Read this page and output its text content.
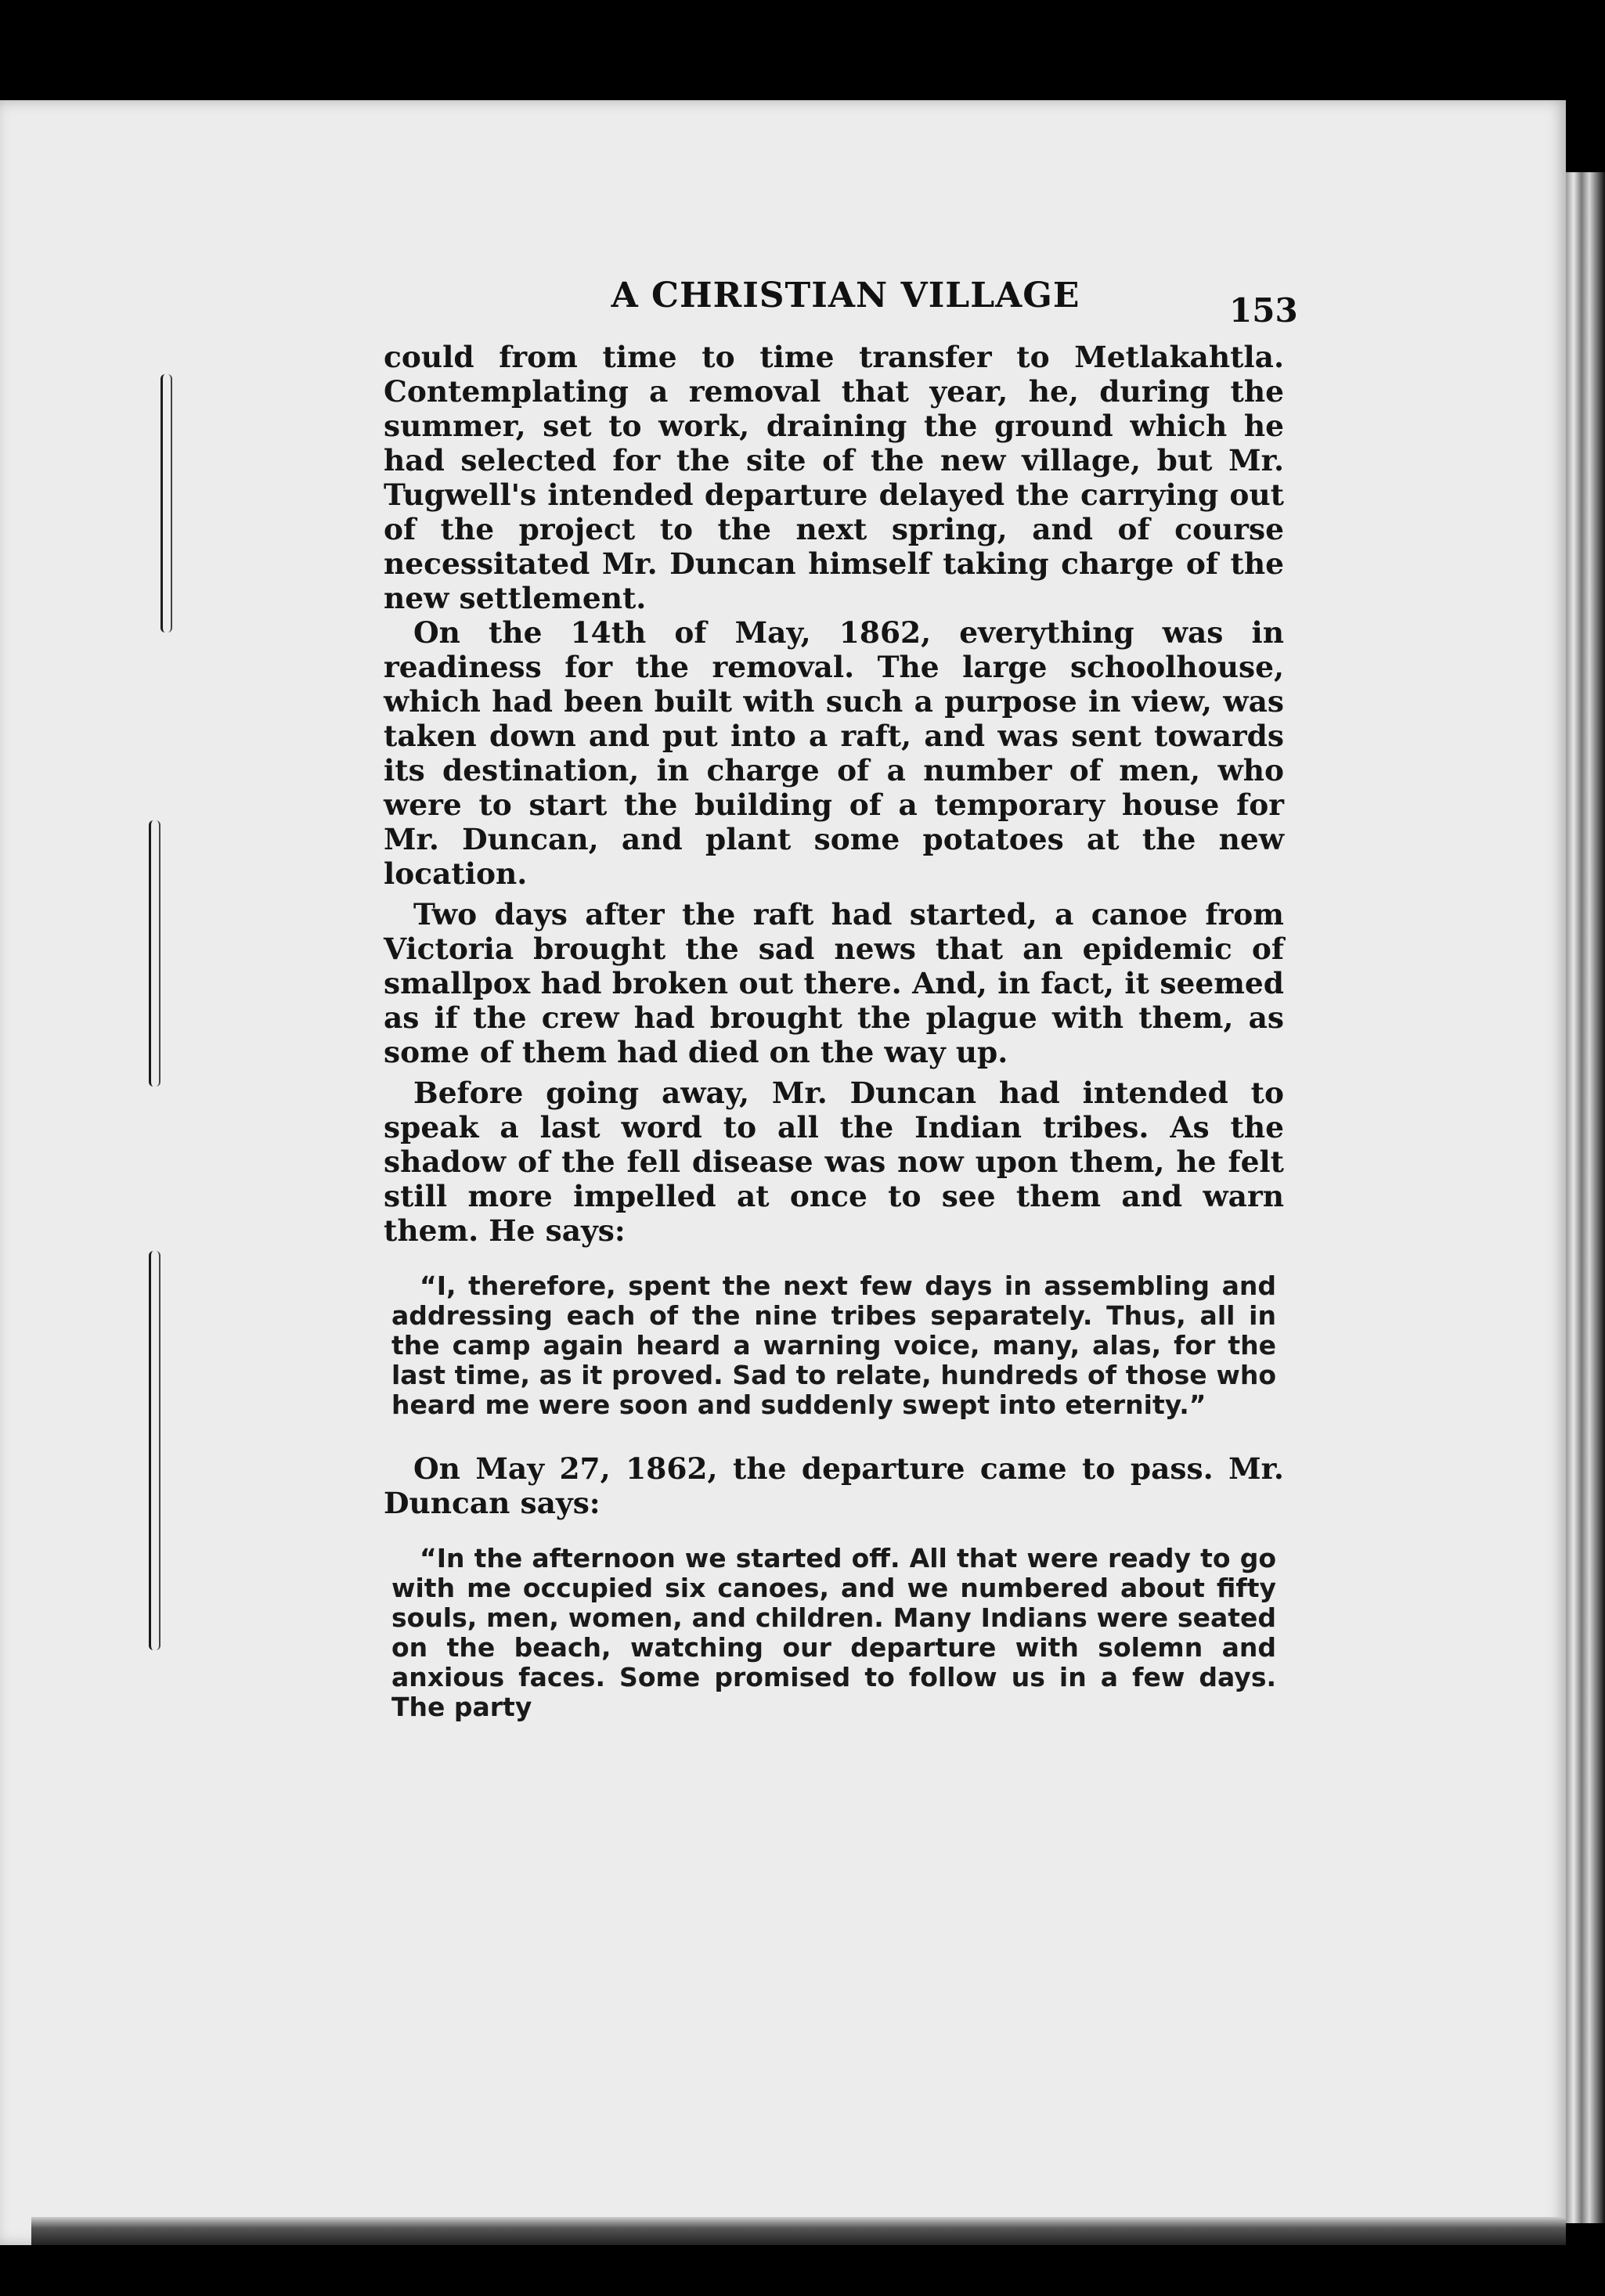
A CHRISTIAN VILLAGE	153

could from time to time transfer to Metlakahtla. Contemplating a removal that year, he, during the summer, set to work, draining the ground which he had selected for the site of the new village, but Mr. Tugwell's intended departure delayed the carrying out of the project to the next spring, and of course necessitated Mr. Duncan himself taking charge of the new settlement.

On the 14th of May, 1862, everything was in readiness for the removal. The large schoolhouse, which had been built with such a purpose in view, was taken down and put into a raft, and was sent towards its destination, in charge of a number of men, who were to start the building of a temporary house for Mr. Duncan, and plant some potatoes at the new location.

Two days after the raft had started, a canoe from Victoria brought the sad news that an epidemic of smallpox had broken out there. And, in fact, it seemed as if the crew had brought the plague with them, as some of them had died on the way up.

Before going away, Mr. Duncan had intended to speak a last word to all the Indian tribes. As the shadow of the fell disease was now upon them, he felt still more impelled at once to see them and warn them. He says:

“I, therefore, spent the next few days in assembling and addressing each of the nine tribes separately. Thus, all in the camp again heard a warning voice, many, alas, for the last time, as it proved. Sad to relate, hundreds of those who heard me were soon and suddenly swept into eternity.”

On May 27, 1862, the departure came to pass. Mr. Duncan says:

“In the afternoon we started off. All that were ready to go with me occupied six canoes, and we numbered about fifty souls, men, women, and children. Many Indians were seated on the beach, watching our departure with solemn and anxious faces. Some promised to follow us in a few days. The party
